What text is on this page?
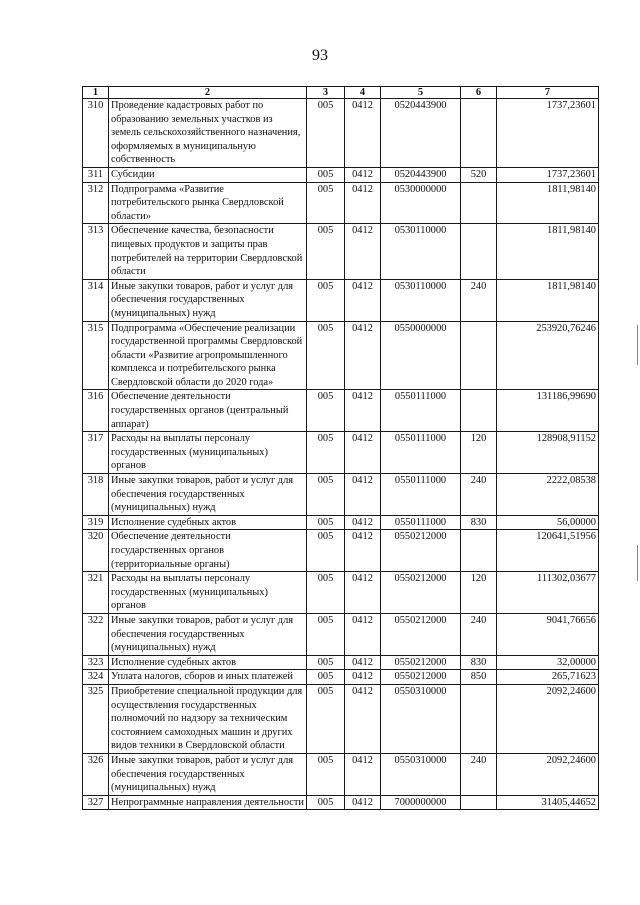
93
1	2	3	4	5	6	7
310	Проведение кадастровых работ по образованию земельных участков из земель сельскохозяйственного назначения, оформляемых в муниципальную собственность	005	0412	0520443900		1737,23601
311	Субсидии	005	0412	0520443900	520	1737,23601
312	Подпрограмма «Развитие потребительского рынка Свердловской области»	005	0412	0530000000		1811,98140
313	Обеспечение качества, безопасности пищевых продуктов и защиты прав потребителей на территории Свердловской области	005	0412	0530110000		1811,98140
314	Иные закупки товаров, работ и услуг для обеспечения государственных (муниципальных) нужд	005	0412	0530110000	240	1811,98140
315	Подпрограмма «Обеспечение реализации государственной программы Свердловской области «Развитие агропромышленного комплекса и потребительского рынка Свердловской области до 2020 года»	005	0412	0550000000		253920,76246
316	Обеспечение деятельности государственных органов (центральный аппарат)	005	0412	0550111000		131186,99690
317	Расходы на выплаты персоналу государственных (муниципальных) органов	005	0412	0550111000	120	128908,91152
318	Иные закупки товаров, работ и услуг для обеспечения государственных (муниципальных) нужд	005	0412	0550111000	240	2222,08538
319	Исполнение судебных актов	005	0412	0550111000	830	56,00000
320	Обеспечение деятельности государственных органов (территориальные органы)	005	0412	0550212000		120641,51956
321	Расходы на выплаты персоналу государственных (муниципальных) органов	005	0412	0550212000	120	111302,03677
322	Иные закупки товаров, работ и услуг для обеспечения государственных (муниципальных) нужд	005	0412	0550212000	240	9041,76656
323	Исполнение судебных актов	005	0412	0550212000	830	32,00000
324	Уплата налогов, сборов и иных платежей	005	0412	0550212000	850	265,71623
325	Приобретение специальной продукции для осуществления государственных полномочий по надзору за техническим состоянием самоходных машин и других видов техники в Свердловской области	005	0412	0550310000		2092,24600
326	Иные закупки товаров, работ и услуг для обеспечения государственных (муниципальных) нужд	005	0412	0550310000	240	2092,24600
327	Непрограммные направления деятельности	005	0412	7000000000		31405,44652
